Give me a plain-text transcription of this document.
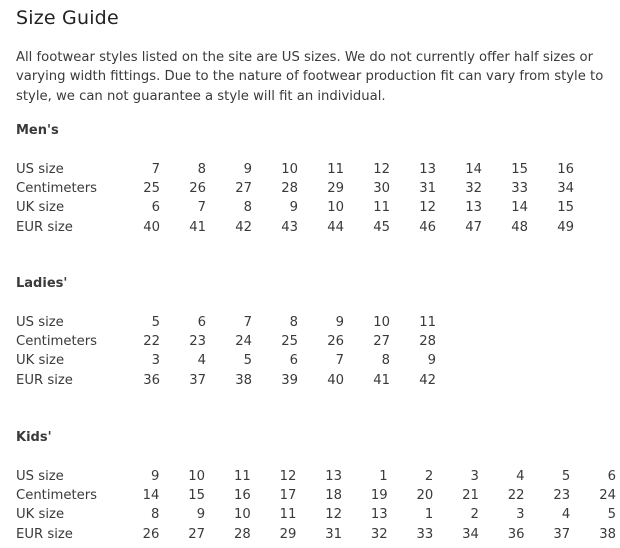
Size Guide

All footwear styles listed on the site are US sizes. We do not currently offer half sizes or varying width fittings. Due to the nature of footwear production fit can vary from style to style, we can not guarantee a style will fit an individual.

Men's
US size	7	8	9	10	11	12	13	14	15	16
Centimeters	25	26	27	28	29	30	31	32	33	34
UK size	6	7	8	9	10	11	12	13	14	15
EUR size	40	41	42	43	44	45	46	47	48	49
Ladies'
US size	5	6	7	8	9	10	11
Centimeters	22	23	24	25	26	27	28
UK size	3	4	5	6	7	8	9
EUR size	36	37	38	39	40	41	42
Kids'
US size	9	10	11	12	13	1	2	3	4	5	6
Centimeters	14	15	16	17	18	19	20	21	22	23	24
UK size	8	9	10	11	12	13	1	2	3	4	5
EUR size	26	27	28	29	31	32	33	34	36	37	38
